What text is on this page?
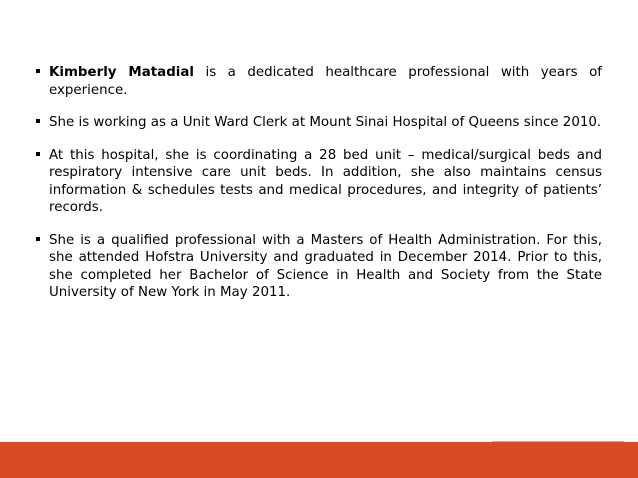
Kimberly Matadial is a dedicated healthcare professional with years of experience.
She is working as a Unit Ward Clerk at Mount Sinai Hospital of Queens since 2010.
At this hospital, she is coordinating a 28 bed unit – medical/surgical beds and respiratory intensive care unit beds. In addition, she also maintains census information & schedules tests and medical procedures, and integrity of patients’ records.
She is a qualified professional with a Masters of Health Administration. For this, she attended Hofstra University and graduated in December 2014. Prior to this, she completed her Bachelor of Science in Health and Society from the State University of New York in May 2011.
